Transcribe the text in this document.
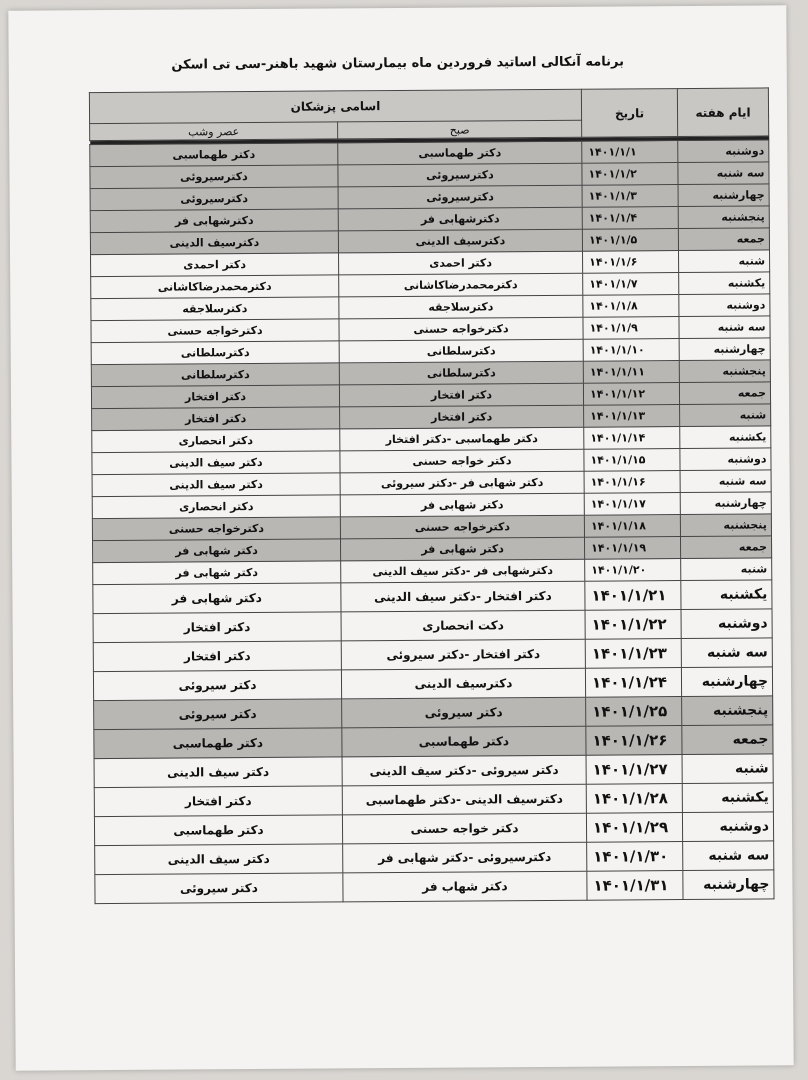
برنامه آنکالی اساتید فروردین ماه بیمارستان شهید باهنر-سی تی اسکن
ایام هفته	تاریخ	اسامی پزشکان	
		صبح	عصر وشب

دوشنبه	۱۴۰۱/۱/۱	دکتر طهماسبی	دکتر طهماسبی
سه شنبه	۱۴۰۱/۱/۲	دکترسیروئی	دکترسیروئی
چهارشنبه	۱۴۰۱/۱/۳	دکترسیروئی	دکترسیروئی
پنجشنبه	۱۴۰۱/۱/۴	دکترشهابی فر	دکترشهابی فر
جمعه	۱۴۰۱/۱/۵	دکترسیف الدینی	دکترسیف الدینی
شنبه	۱۴۰۱/۱/۶	دکتر احمدی	دکتر احمدی
یکشنبه	۱۴۰۱/۱/۷	دکترمحمدرضاکاشانی	دکترمحمدرضاکاشانی
دوشنبه	۱۴۰۱/۱/۸	دکترسلاجقه	دکترسلاجقه
سه شنبه	۱۴۰۱/۱/۹	دکترخواجه حسنی	دکترخواجه حسنی
چهارشنبه	۱۴۰۱/۱/۱۰	دکترسلطانی	دکترسلطانی
پنجشنبه	۱۴۰۱/۱/۱۱	دکترسلطانی	دکترسلطانی
جمعه	۱۴۰۱/۱/۱۲	دکتر افتخار	دکتر افتخار
شنبه	۱۴۰۱/۱/۱۳	دکتر افتخار	دکتر افتخار
یکشنبه	۱۴۰۱/۱/۱۴	دکتر طهماسبی -دکتر افتخار	دکتر انحصاری
دوشنبه	۱۴۰۱/۱/۱۵	دکتر خواجه حسنی	دکتر سیف الدینی
سه شنبه	۱۴۰۱/۱/۱۶	دکتر شهابی فر -دکتر سیروئی	دکتر سیف الدینی
چهارشنبه	۱۴۰۱/۱/۱۷	دکتر شهابی فر	دکتر انحصاری
پنجشنبه	۱۴۰۱/۱/۱۸	دکترخواجه حسنی	دکترخواجه حسنی
جمعه	۱۴۰۱/۱/۱۹	دکتر شهابی فر	دکتر شهابی فر
شنبه	۱۴۰۱/۱/۲۰	دکترشهابی فر -دکتر سیف الدینی	دکتر شهابی فر
یکشنبه	۱۴۰۱/۱/۲۱	دکتر افتخار -دکتر سیف الدینی	دکتر شهابی فر
دوشنبه	۱۴۰۱/۱/۲۲	دکت انحصاری	دکتر افتخار
سه شنبه	۱۴۰۱/۱/۲۳	دکتر افتخار -دکتر سیروئی	دکتر افتخار
چهارشنبه	۱۴۰۱/۱/۲۴	دکترسیف الدینی	دکتر سیروئی
پنجشنبه	۱۴۰۱/۱/۲۵	دکتر سیروئی	دکتر سیروئی
جمعه	۱۴۰۱/۱/۲۶	دکتر طهماسبی	دکتر طهماسبی
شنبه	۱۴۰۱/۱/۲۷	دکتر سیروئی -دکتر سیف الدینی	دکتر سیف الدینی
یکشنبه	۱۴۰۱/۱/۲۸	دکترسیف الدینی -دکتر طهماسبی	دکتر افتخار
دوشنبه	۱۴۰۱/۱/۲۹	دکتر خواجه حسنی	دکتر طهماسبی
سه شنبه	۱۴۰۱/۱/۳۰	دکترسیروئی -دکتر شهابی فر	دکتر سیف الدینی
چهارشنبه	۱۴۰۱/۱/۳۱	دکتر شهاب فر	دکتر سیروئی
